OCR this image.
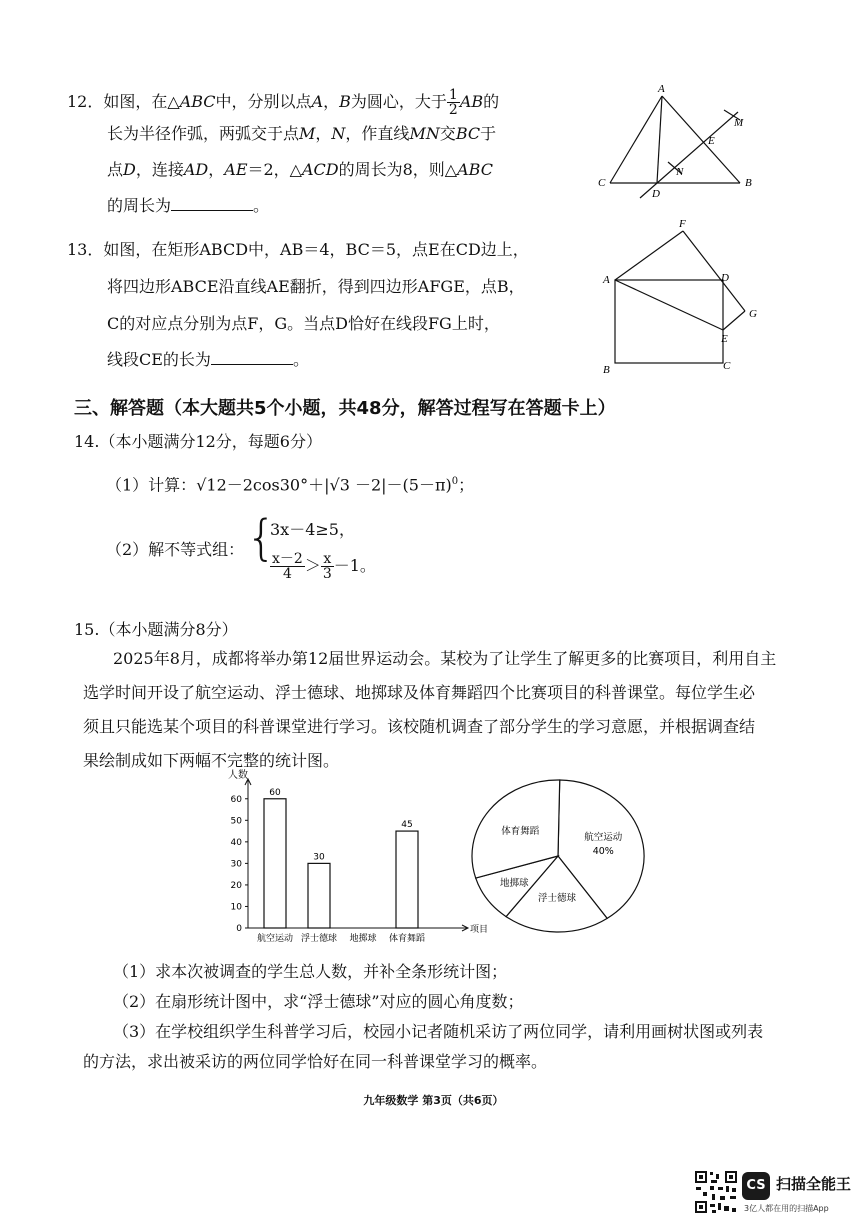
12．如图，在△ABC中，分别以点A，B为圆心，大于 $\frac{1}{2}$ AB的
长为半径作弧，两弧交于点M，N，作直线MN交BC于
点D，连接AD，AE＝2，△ACD的周长为8，则△ABC
的周长为	。
A
M
E
N
C
D
B
13．如图，在矩形ABCD中，AB＝4，BC＝5，点E在CD边上，
将四边形ABCE沿直线AE翻折，得到四边形AFGE，点B，
C的对应点分别为点F，G。当点D恰好在线段FG上时，
线段CE的长为	。
F
A	D
G
E
B	C
三、解答题（本大题共5个小题，共48分，解答过程写在答题卡上）
14.（本小题满分12分，每题6分）
（1）计算：$√12-2\cos 30^\circ+|√3 -2|-(5-\pi)^0$；
（2）解不等式组： {
3x－4≥5，
$\frac{x-2}{4} > \frac{x}{3} -1$。
15.（本小题满分8分）
2025年8月，成都将举办第12届世界运动会。某校为了让学生了解更多的比赛项目，利用自主
选学时间开设了航空运动、浮士德球、地掷球及体育舞蹈四个比赛项目的科普课堂。每位学生必
须且只能选某个项目的科普课堂进行学习。该校随机调查了部分学生的学习意愿，并根据调查结
果绘制成如下两幅不完整的统计图。
人数
项目
0
10
20
30
40
50
60
60
航空运动
30
浮士德球 地掷球
45
体育舞蹈
航空运动
40%
浮士德球
地掷球
体育舞蹈
（1）求本次被调查的学生总人数，并补全条形统计图；
（2）在扇形统计图中，求“浮士德球”对应的圆心角度数；
（3）在学校组织学生科普学习后，校园小记者随机采访了两位同学，请利用画树状图或列表
的方法，求出被采访的两位同学恰好在同一科普课堂学习的概率。
九年级数学 第3页（共6页）
CS 扫描全能王
3亿人都在用的扫描App
